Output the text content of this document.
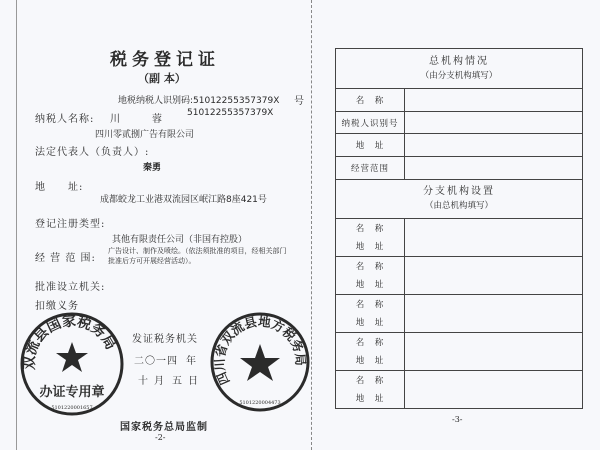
税务登记证
（副 本）
地税纳税人识别码:51012255357379X 号
纳税人名称: 川	蓉
51012255357379X
四川零贰捌广告有限公司
法定代表人（负责人）:
秦勇
地　　址:
成都蛟龙工业港双流园区岷江路8座421号
登记注册类型:
其他有限责任公司（非国有控股）
经 营 范 围:
广告设计、制作及喷绘。（依法须批准的项目，经相关部门
批准后方可开展经营活动）。
批准设立机关:
扣缴义务
发证税务机关
二〇一四 年
十 月 五 日
国家税务总局监制
-2-
双流县国家税务局
办证专用章
5101220001657
四川省双流县地方税务局
5101220004473
总机构情况
（由分支机构填写）	

名　称	
纳税人识别号	
地　址	
经营范围	

分支机构设置
（由总机构填写）	

名　称
地　址	

名　称
地　址	

名　称
地　址	

名　称
地　址	

名　称
地　址	

-3-
